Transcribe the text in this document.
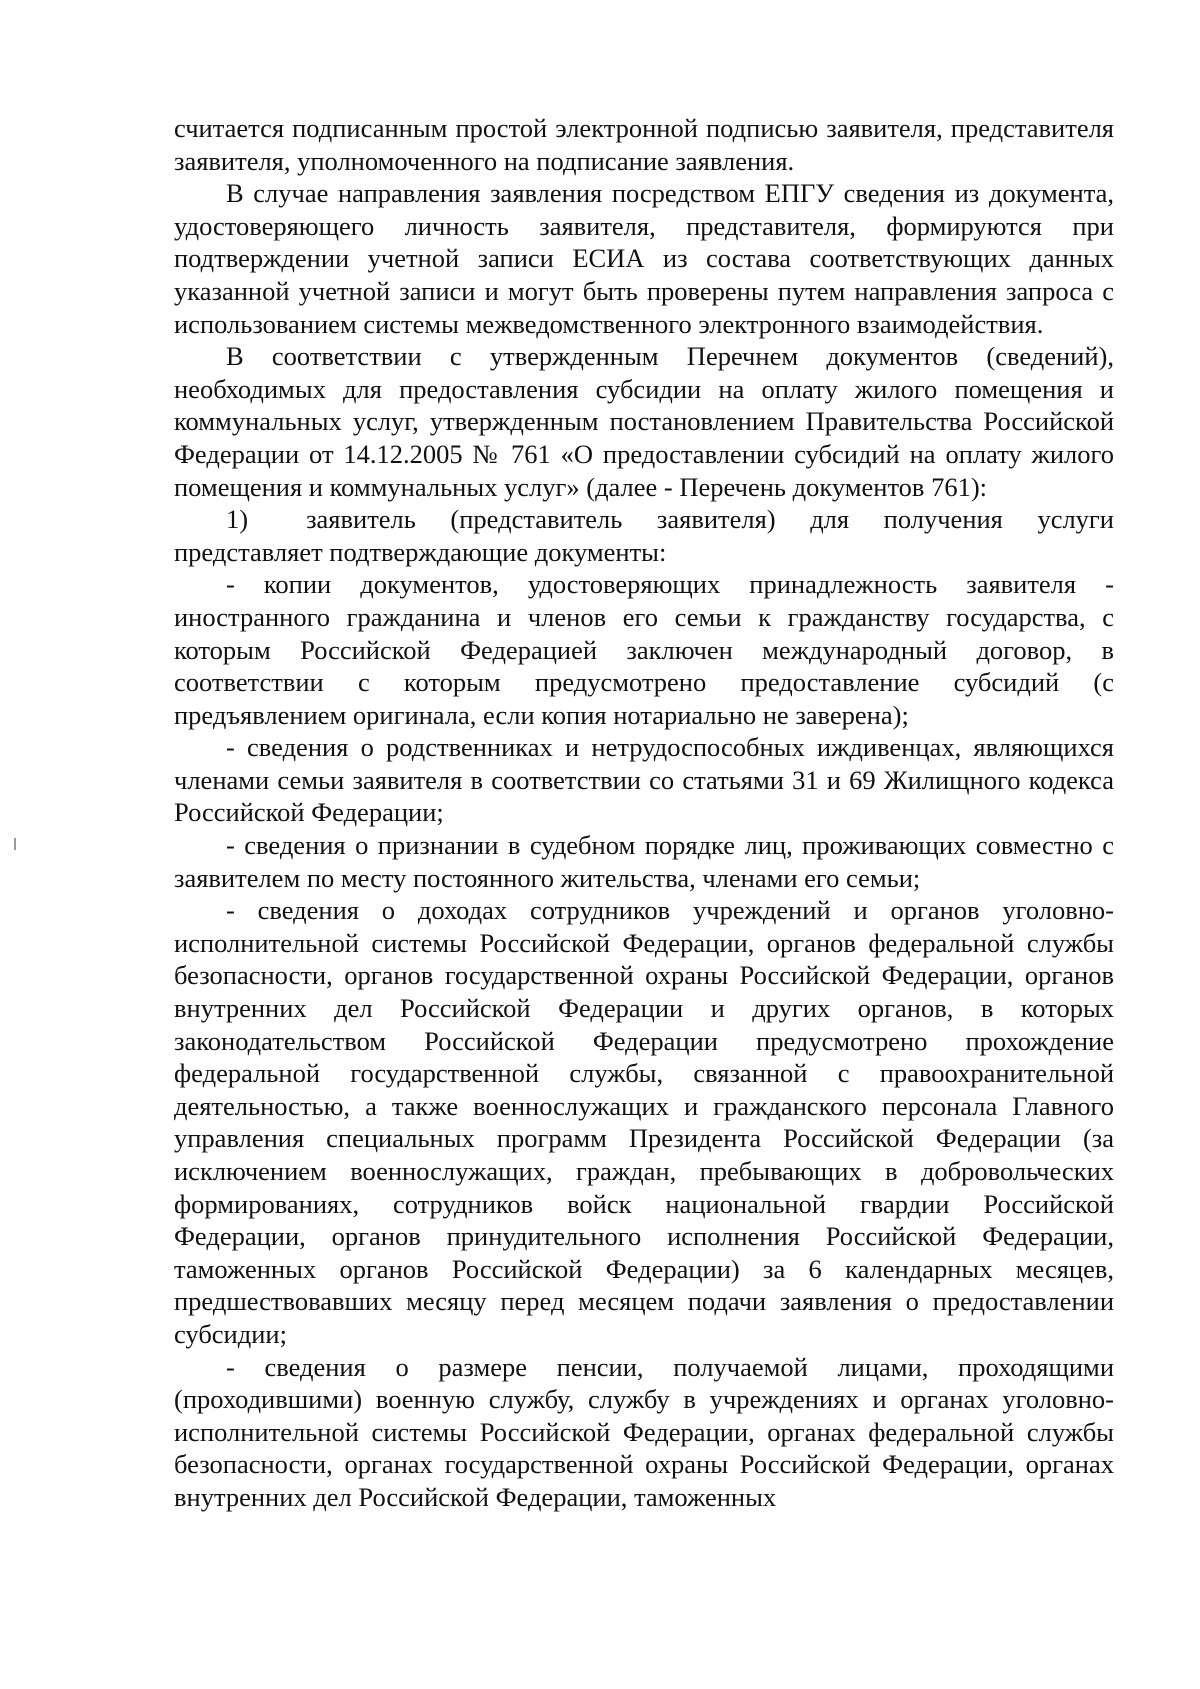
считается подписанным простой электронной подписью заявителя, представителя заявителя, уполномоченного на подписание заявления.

В случае направления заявления посредством ЕПГУ сведения из документа, удостоверяющего личность заявителя, представителя, формируются при подтверждении учетной записи ЕСИА из состава соответствующих данных указанной учетной записи и могут быть проверены путем направления запроса с использованием системы межведомственного электронного взаимодействия.

В соответствии с утвержденным Перечнем документов (сведений), необходимых для предоставления субсидии на оплату жилого помещения и коммунальных услуг, утвержденным постановлением Правительства Российской Федерации от 14.12.2005 № 761 «О предоставлении субсидий на оплату жилого помещения и коммунальных услуг» (далее - Перечень документов 761):

1) заявитель (представитель заявителя) для получения услуги представляет подтверждающие документы:

- копии документов, удостоверяющих принадлежность заявителя - иностранного гражданина и членов его семьи к гражданству государства, с которым Российской Федерацией заключен международный договор, в соответствии с которым предусмотрено предоставление субсидий (с предъявлением оригинала, если копия нотариально не заверена);

- сведения о родственниках и нетрудоспособных иждивенцах, являющихся членами семьи заявителя в соответствии со статьями 31 и 69 Жилищного кодекса Российской Федерации;

- сведения о признании в судебном порядке лиц, проживающих совместно с заявителем по месту постоянного жительства, членами его семьи;

- сведения о доходах сотрудников учреждений и органов уголовно-исполнительной системы Российской Федерации, органов федеральной службы безопасности, органов государственной охраны Российской Федерации, органов внутренних дел Российской Федерации и других органов, в которых законодательством Российской Федерации предусмотрено прохождение федеральной государственной службы, связанной с правоохранительной деятельностью, а также военнослужащих и гражданского персонала Главного управления специальных программ Президента Российской Федерации (за исключением военнослужащих, граждан, пребывающих в добровольческих формированиях, сотрудников войск национальной гвардии Российской Федерации, органов принудительного исполнения Российской Федерации, таможенных органов Российской Федерации) за 6 календарных месяцев, предшествовавших месяцу перед месяцем подачи заявления о предоставлении субсидии;

- сведения о размере пенсии, получаемой лицами, проходящими (проходившими) военную службу, службу в учреждениях и органах уголовно-исполнительной системы Российской Федерации, органах федеральной службы безопасности, органах государственной охраны Российской Федерации, органах внутренних дел Российской Федерации, таможенных
